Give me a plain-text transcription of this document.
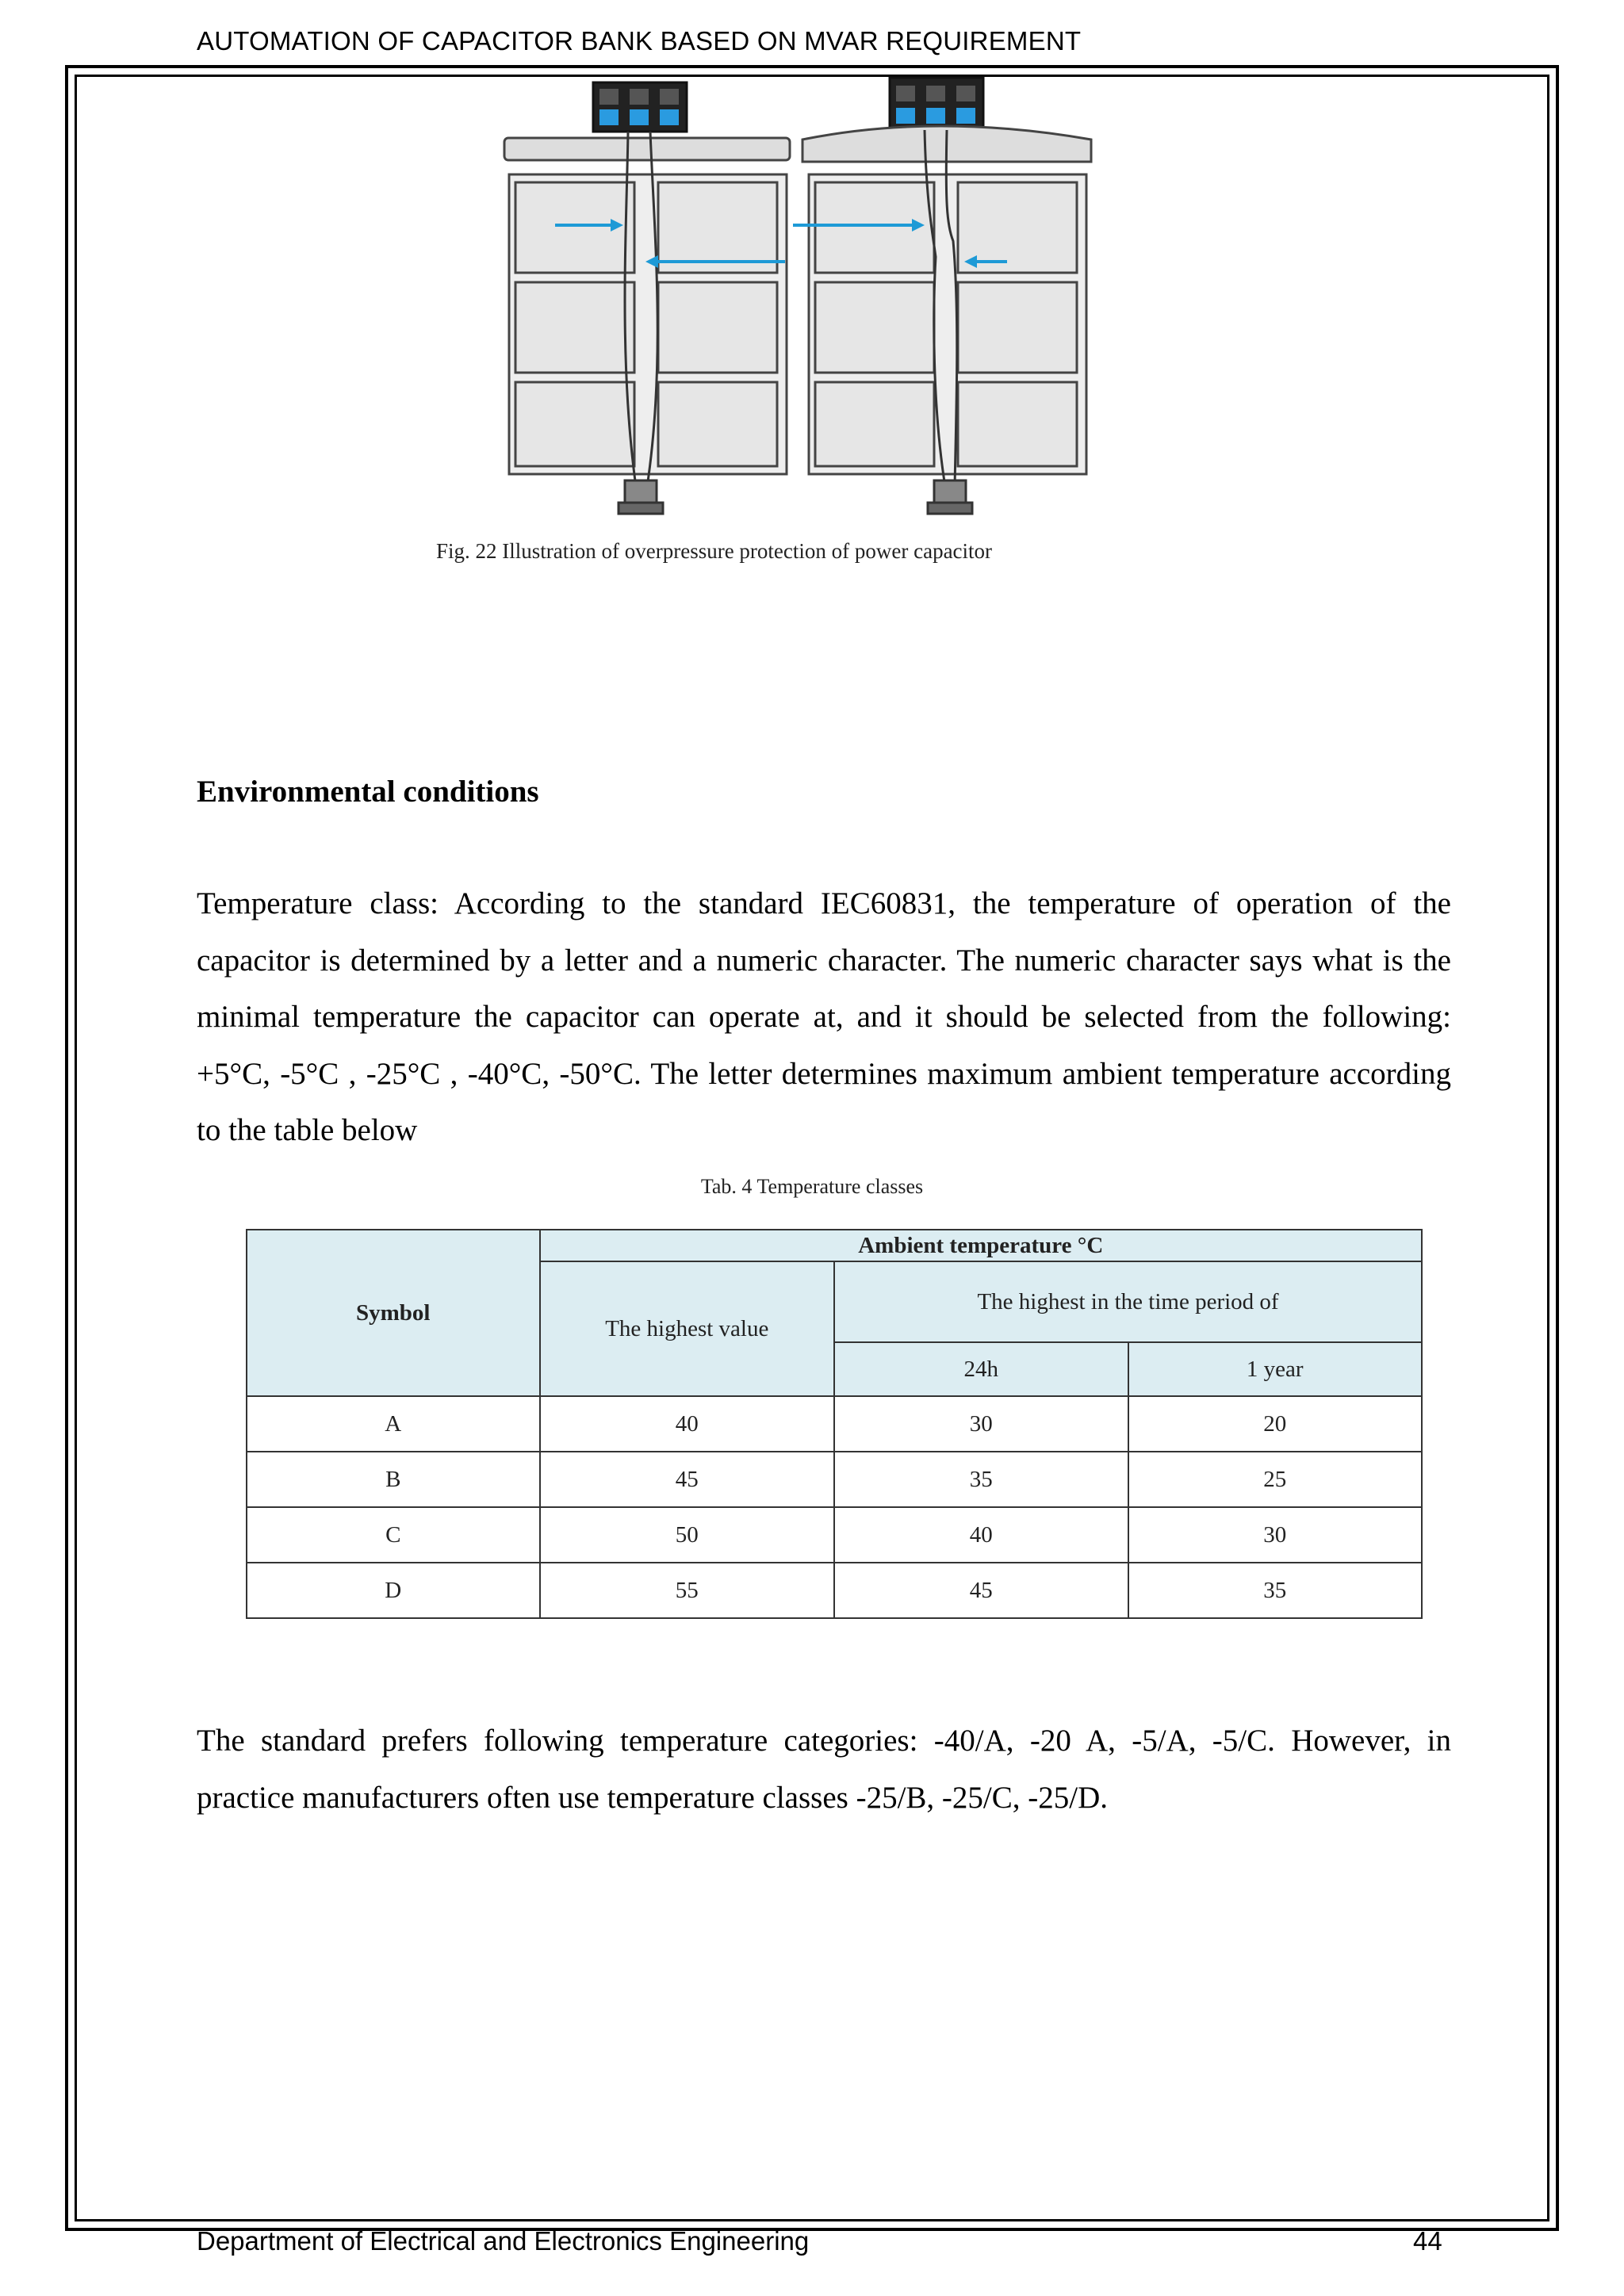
AUTOMATION OF CAPACITOR BANK BASED ON MVAR REQUIREMENT
Fig. 22 Illustration of overpressure protection of power capacitor
Environmental conditions
Temperature class: According to the standard IEC60831, the temperature of operation of the capacitor is determined by a letter and a numeric character. The numeric character says what is the minimal temperature the capacitor can operate at, and it should be selected from the following: +5°C, -5°C , -25°C , -40°C, -50°C. The letter determines maximum ambient temperature according to the table below
Tab. 4 Temperature classes
Symbol	Ambient temperature °C		
	The highest value	The highest in the time period of	
		24h	1 year
A	40	30	20
B	45	35	25
C	50	40	30
D	55	45	35
The standard prefers following temperature categories: -40/A, -20 A, -5/A, -5/C. However, in practice manufacturers often use temperature classes -25/B, -25/C, -25/D.
Department of Electrical and Electronics Engineering	44
